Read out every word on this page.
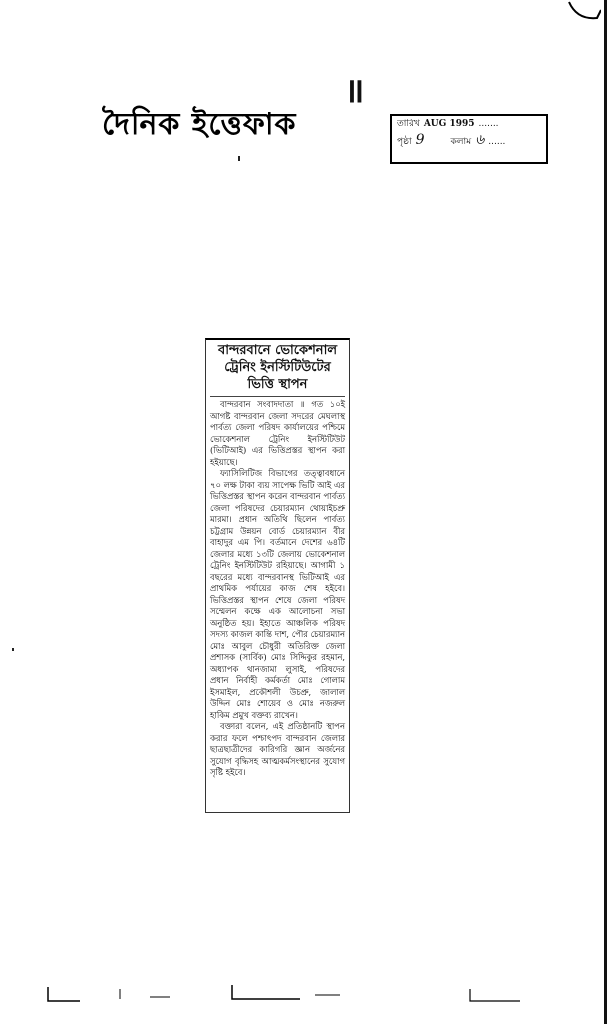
দৈনিক ইত্তেফাক
॥
তারিখ AUG 1995 .......
পৃষ্ঠা 9	কলাম ৬ ......
বান্দরবানে ভোকেশনাল
ট্রেনিং ইনস্টিটিউটের
ভিত্তি স্থাপন

বান্দরবান সংবাদদাতা ॥ গত ১০ই আগষ্ট বান্দরবান জেলা সদরের মেঘলাস্থ পার্বত্য জেলা পরিষদ কার্যালয়ের পশ্চিমে ভোকেশনাল ট্রেনিং ইনস্টিটিউট (ভিটিআই) এর ভিত্তিপ্রস্তর স্থাপন করা হইয়াছে।

ফ্যাসিলিটিজ বিভাগের তত্ত্বাবধানে ৭০ লক্ষ টাকা ব্যয় সাপেক্ষ ভিটি আই এর ভিত্তিপ্রস্তর স্থাপন করেন বান্দরবান পার্বত্য জেলা পরিষদের চেয়ারম্যান থোয়াইচপ্রু মারমা। প্রধান অতিথি ছিলেন পার্বত্য চট্টগ্রাম উন্নয়ন বোর্ড চেয়ারম্যান বীর বাহাদুর এম পি। বর্তমানে দেশের ৬৪টি জেলার মধ্যে ১৩টি জেলায় ভোকেশনাল ট্রেনিং ইনস্টিটিউট রহিয়াছে। আগামী ১ বছরের মধ্যে বান্দরবানস্থ ভিটিআই এর প্রাথমিক পর্যায়ের কাজ শেষ হইবে। ভিত্তিপ্রস্তর স্থাপন শেষে জেলা পরিষদ সম্মেলন কক্ষে এক আলোচনা সভা অনুষ্ঠিত হয়। ইহাতে আঞ্চলিক পরিষদ সদস্য কাজল কান্তি দাশ, পৌর চেয়ারম্যান মোঃ আবুল চৌধুরী অতিরিক্ত জেলা প্রশাসক (সার্বিক) মোঃ সিদ্দিকুর রহমান, অধ্যাপক থানজামা লুসাই, পরিষদের প্রধান নির্বাহী কর্মকর্তা মোঃ গোলাম ইসমাইল, প্রকৌশলী উচপ্রু, জালাল উদ্দিন মোঃ শোয়েব ও মোঃ নজরুল হাকিম প্রমুখ বক্তব্য রাখেন।

বক্তারা বলেন, এই প্রতিষ্ঠানটি স্থাপন করার ফলে পশ্চাৎপদ বান্দরবান জেলার ছাত্রছাত্রীদের কারিগরি জ্ঞান অর্জনের সুযোগ বৃদ্ধিসহ আত্মকর্মসংস্থানের সুযোগ সৃষ্টি হইবে।
